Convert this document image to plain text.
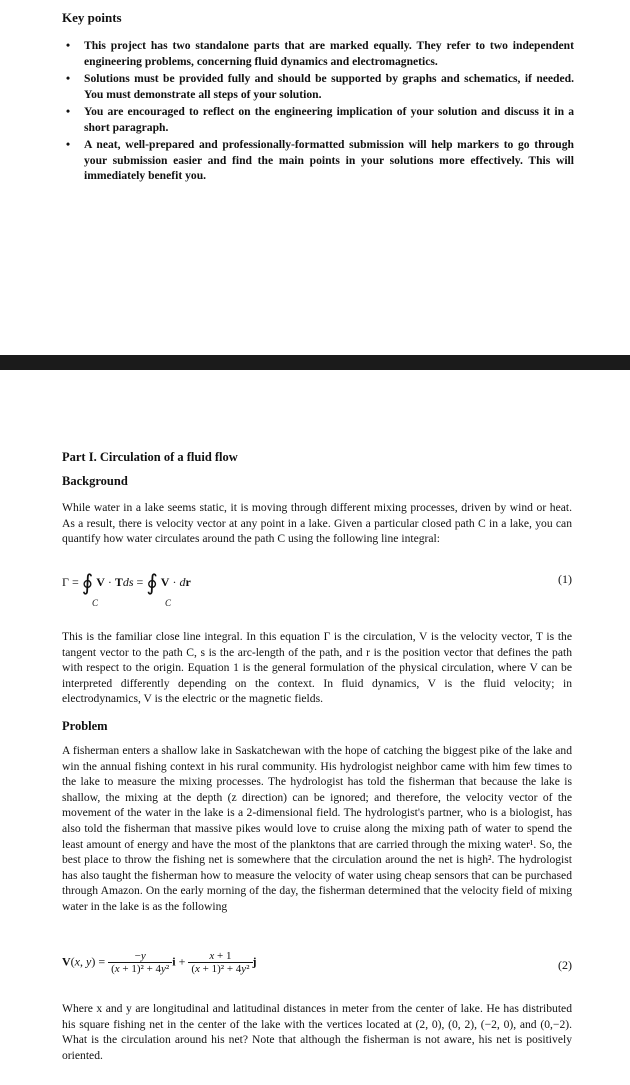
Key points
• This project has two standalone parts that are marked equally. They refer to two independent engineering problems, concerning fluid dynamics and electromagnetics.
• Solutions must be provided fully and should be supported by graphs and schematics, if needed. You must demonstrate all steps of your solution.
• You are encouraged to reflect on the engineering implication of your solution and discuss it in a short paragraph.
• A neat, well-prepared and professionally-formatted submission will help markers to go through your submission easier and find the main points in your solutions more effectively. This will immediately benefit you.
Part I. Circulation of a fluid flow
Background
While water in a lake seems static, it is moving through different mixing processes, driven by wind or heat. As a result, there is velocity vector at any point in a lake. Given a particular closed path C in a lake, you can quantify how water circulates around the path C using the following line integral:
Γ = ∮ V · Tds = ∮ V · dr
C	C
(1)
This is the familiar close line integral. In this equation Γ is the circulation, V is the velocity vector, T is the tangent vector to the path C, s is the arc-length of the path, and r is the position vector that defines the path with respect to the origin. Equation 1 is the general formulation of the physical circulation, where V can be interpreted differently depending on the context. In fluid dynamics, V is the fluid velocity; in electrodynamics, V is the electric or the magnetic fields.
Problem
A fisherman enters a shallow lake in Saskatchewan with the hope of catching the biggest pike of the lake and win the annual fishing context in his rural community. His hydrologist neighbor came with him few times to the lake to measure the mixing processes. The hydrologist has told the fisherman that because the lake is shallow, the mixing at the depth (z direction) can be ignored; and therefore, the velocity vector of the movement of the water in the lake is a 2-dimensional field. The hydrologist's partner, who is a biologist, has also told the fisherman that massive pikes would love to cruise along the mixing path of water to spend the least amount of energy and have the most of the planktons that are carried through the mixing water¹. So, the best place to throw the fishing net is somewhere that the circulation around the net is high². The hydrologist has also taught the fisherman how to measure the velocity of water using cheap sensors that can be purchased through Amazon. On the early morning of the day, the fisherman determined that the velocity field of mixing water in the lake is as the following
V(x, $y) = \frac{-y}{\text{(x + 1)² + 4y²}}$ $i + \frac{x + 1}{\text{(x + 1)² + 4y²}}$ j	(2)
Where x and y are longitudinal and latitudinal distances in meter from the center of lake. He has distributed his square fishing net in the center of the lake with the vertices located at (2, 0), (0, 2), (−2, 0), and (0,−2). What is the circulation around his net? Note that although the fisherman is not aware, his net is positively oriented.
